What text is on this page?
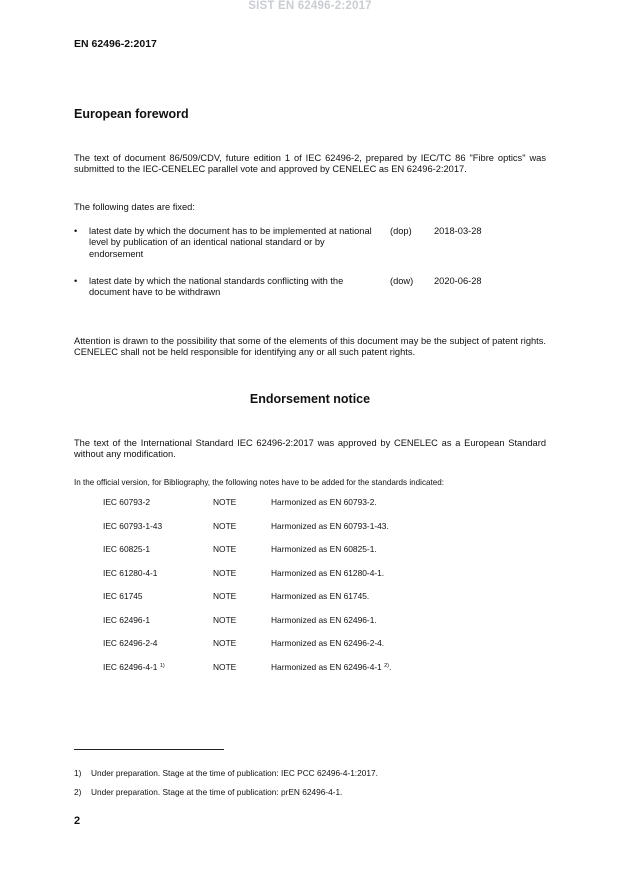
SIST EN 62496-2:2017
EN 62496-2:2017
European foreword
The text of document 86/509/CDV, future edition 1 of IEC 62496-2, prepared by IEC/TC 86 "Fibre optics" was submitted to the IEC-CENELEC parallel vote and approved by CENELEC as EN 62496-2:2017.
The following dates are fixed:
• latest date by which the document has to be implemented at national level by publication of an identical national standard or by endorsement
(dop) 2018-03-28
• latest date by which the national standards conflicting with the document have to be withdrawn
(dow) 2020-06-28
Attention is drawn to the possibility that some of the elements of this document may be the subject of patent rights. CENELEC shall not be held responsible for identifying any or all such patent rights.
Endorsement notice
The text of the International Standard IEC 62496-2:2017 was approved by CENELEC as a European Standard without any modification.
In the official version, for Bibliography, the following notes have to be added for the standards indicated:
IEC 60793-2	NOTE	Harmonized as EN 60793-2.
IEC 60793-1-43	NOTE	Harmonized as EN 60793-1-43.
IEC 60825-1	NOTE	Harmonized as EN 60825-1.
IEC 61280-4-1	NOTE	Harmonized as EN 61280-4-1.
IEC 61745	NOTE	Harmonized as EN 61745.
IEC 62496-1	NOTE	Harmonized as EN 62496-1.
IEC 62496-2-4	NOTE	Harmonized as EN 62496-2-4.
IEC 62496-4-1 $^{1)}$	NOTE	Harmonized as EN 62496-4-1 $^{2)}$.
1) Under preparation. Stage at the time of publication: IEC PCC 62496-4-1:2017.
2) Under preparation. Stage at the time of publication: prEN 62496-4-1.
2
